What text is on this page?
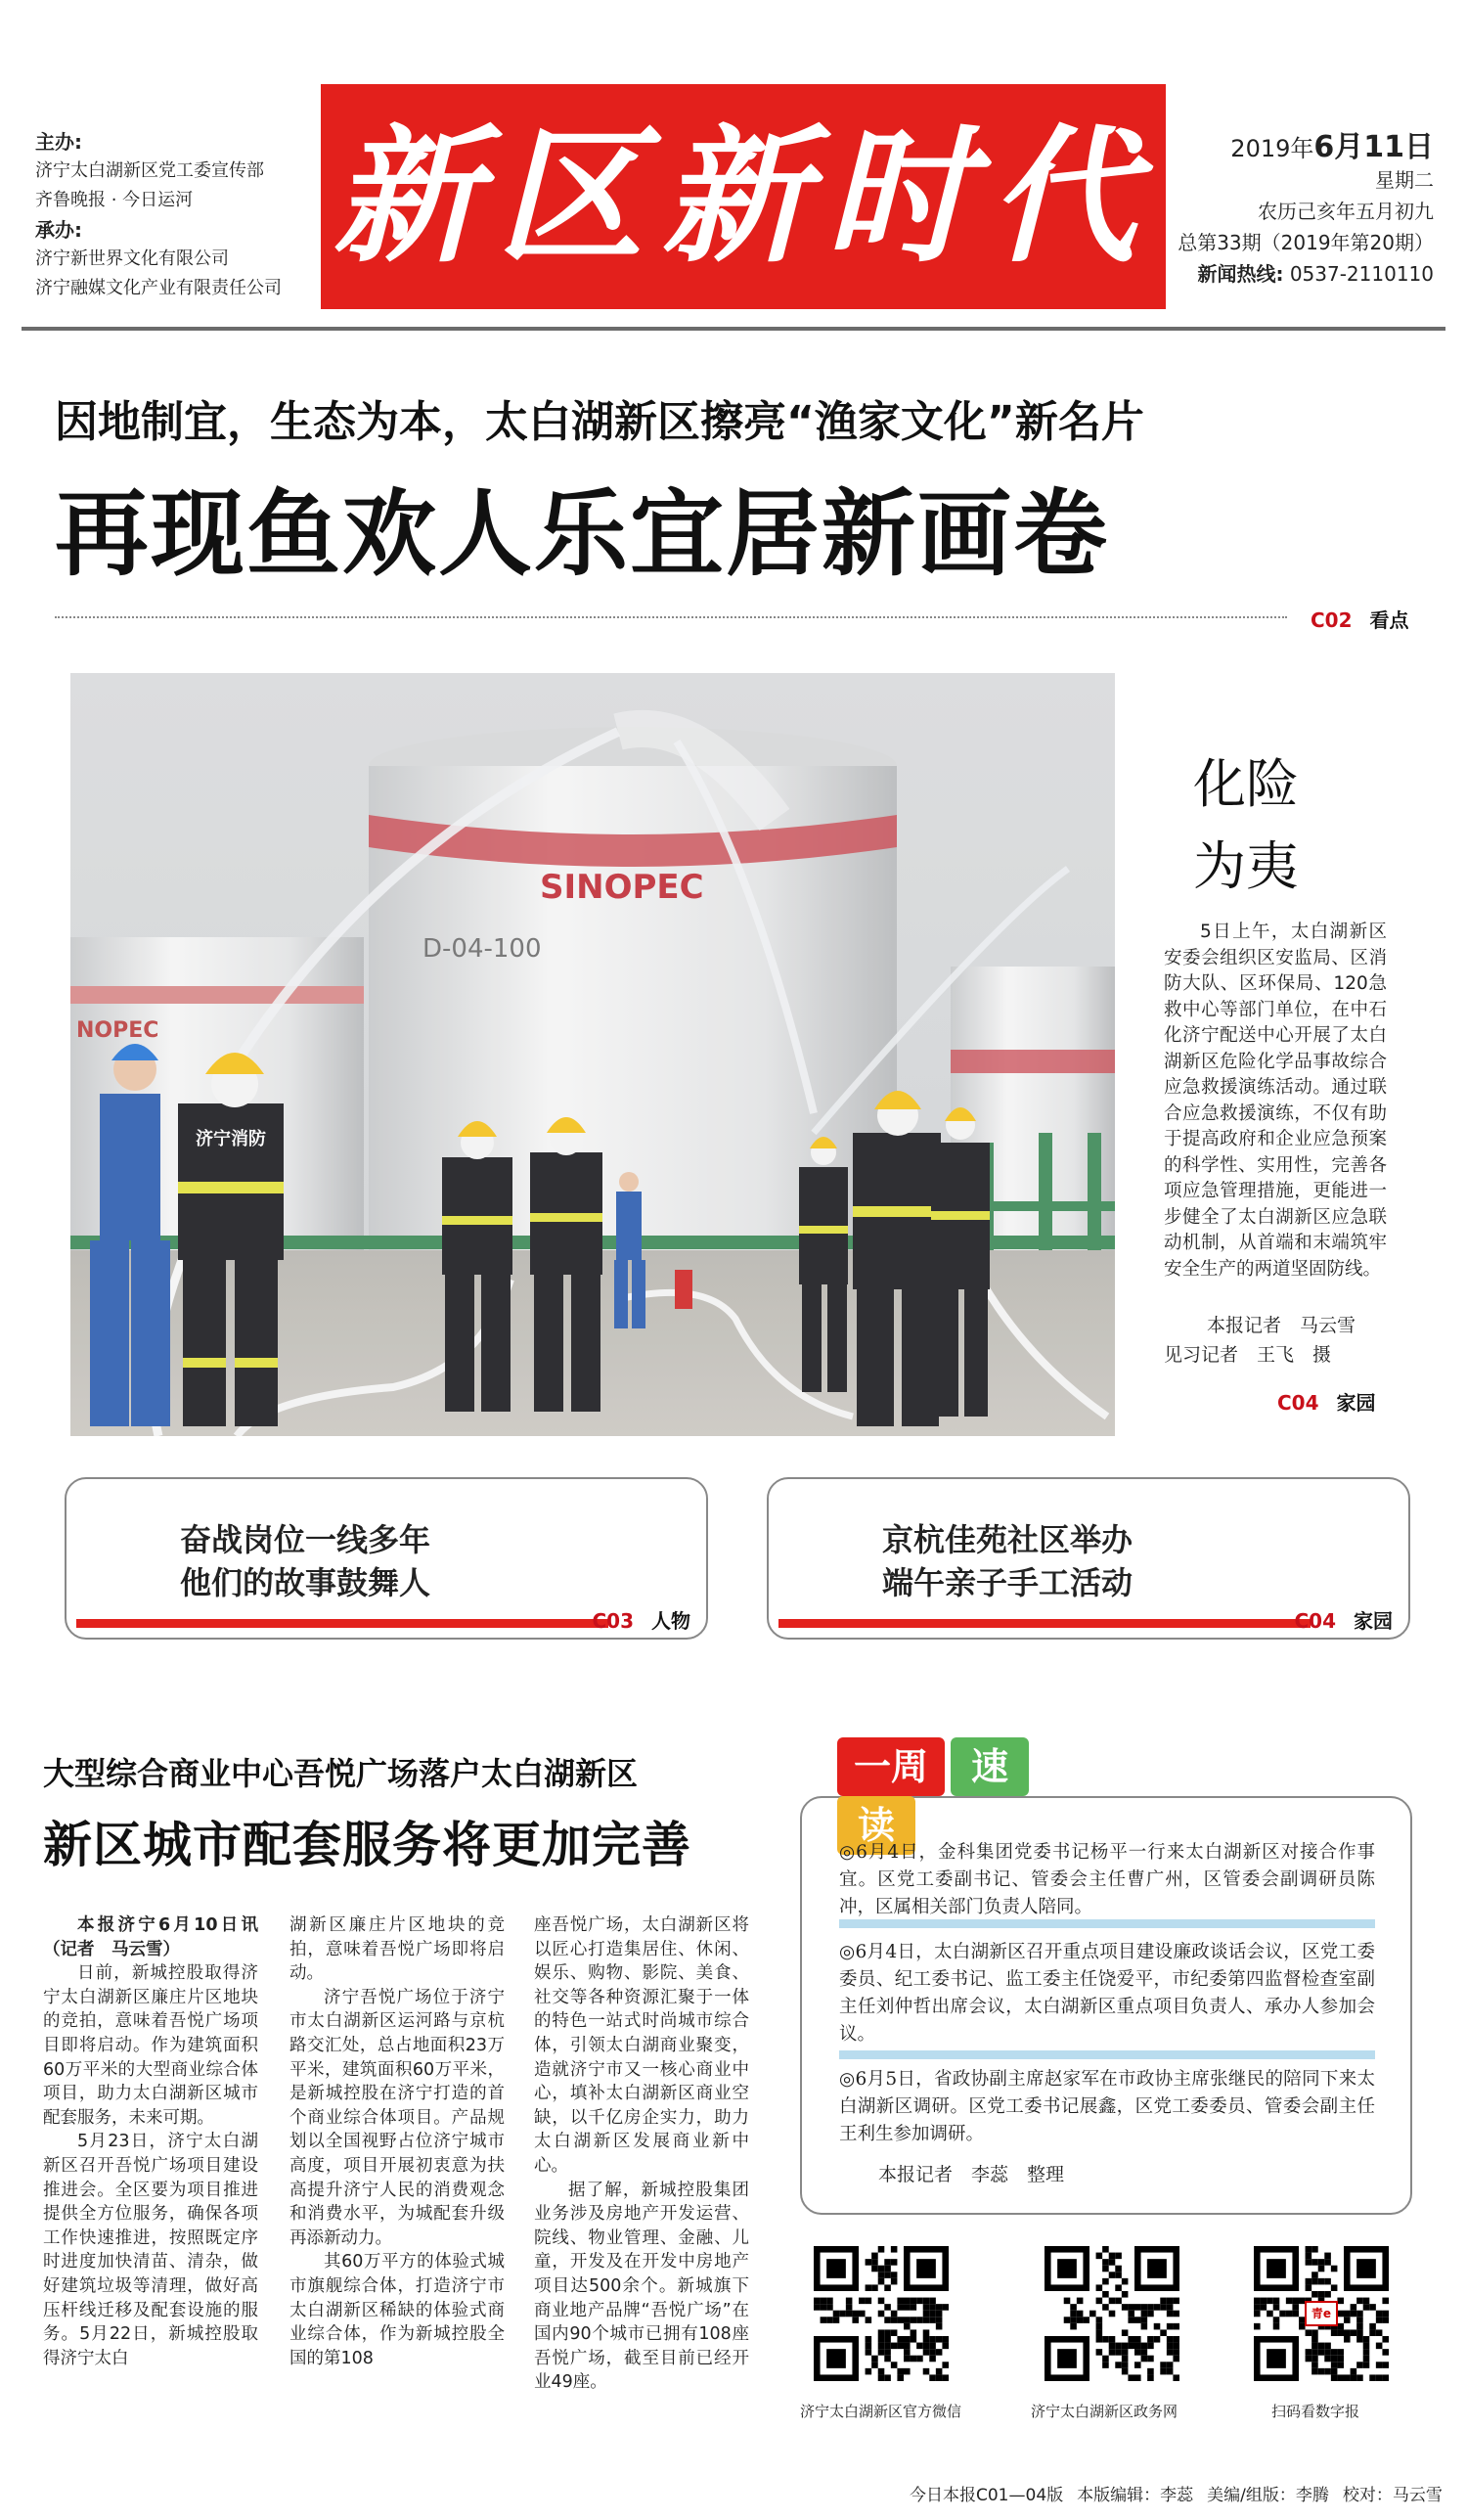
主办:
济宁太白湖新区党工委宣传部
齐鲁晚报 · 今日运河
承办:
济宁新世界文化有限公司
济宁融媒文化产业有限责任公司
新区新时代	2019年6月11日
星期二
农历己亥年五月初九
总第33期（2019年第20期）
新闻热线: 0537-2110110
因地制宜，生态为本，太白湖新区擦亮“渔家文化”新名片
再现鱼欢人乐宜居新画卷
C02 看点
NOPEC
SINOPEC
D-04-100
济宁消防
化险
为夷

5日上午，太白湖新区安委会组织区安监局、区消防大队、区环保局、120急救中心等部门单位，在中石化济宁配送中心开展了太白湖新区危险化学品事故综合应急救援演练活动。通过联合应急救援演练，不仅有助于提高政府和企业应急预案的科学性、实用性，完善各项应急管理措施，更能进一步健全了太白湖新区应急联动机制，从首端和末端筑牢安全生产的两道坚固防线。

本报记者　马云雪
见习记者　王飞　摄
C04 家园
奋战岗位一线多年
他们的故事鼓舞人
C03 人物
京杭佳苑社区举办
端午亲子手工活动
C04 家园
大型综合商业中心吾悦广场落户太白湖新区
新区城市配套服务将更加完善

本报济宁6月10日讯（记者　马云雪）

日前，新城控股取得济宁太白湖新区廉庄片区地块的竞拍，意味着吾悦广场项目即将启动。作为建筑面积60万平米的大型商业综合体项目，助力太白湖新区城市配套服务，未来可期。

5月23日，济宁太白湖新区召开吾悦广场项目建设推进会。全区要为项目推进提供全方位服务，确保各项工作快速推进，按照既定序时进度加快清苗、清杂，做好建筑垃圾等清理，做好高压杆线迁移及配套设施的服务。5月22日，新城控股取得济宁太白

湖新区廉庄片区地块的竞拍，意味着吾悦广场即将启动。

济宁吾悦广场位于济宁市太白湖新区运河路与京杭路交汇处，总占地面积23万平米，建筑面积60万平米，是新城控股在济宁打造的首个商业综合体项目。产品规划以全国视野占位济宁城市高度，项目开展初衷意为扶高提升济宁人民的消费观念和消费水平，为城配套升级再添新动力。

其60万平方的体验式城市旗舰综合体，打造济宁市太白湖新区稀缺的体验式商业综合体，作为新城控股全国的第108

座吾悦广场，太白湖新区将以匠心打造集居住、休闲、娱乐、购物、影院、美食、社交等各种资源汇聚于一体的特色一站式时尚城市综合体，引领太白湖商业聚变，造就济宁市又一核心商业中心，填补太白湖新区商业空缺，以千亿房企实力，助力太白湖新区发展商业新中心。

据了解，新城控股集团业务涉及房地产开发运营、院线、物业管理、金融、儿童，开发及在开发中房地产项目达500余个。新城旗下商业地产品牌“吾悦广场”在国内90个城市已拥有108座吾悦广场，截至目前已经开业49座。

一周 速读
◎6月4日，金科集团党委书记杨平一行来太白湖新区对接合作事宜。区党工委副书记、管委会主任曹广州，区管委会副调研员陈冲，区属相关部门负责人陪同。
◎6月4日，太白湖新区召开重点项目建设廉政谈话会议，区党工委委员、纪工委书记、监工委主任饶爱平，市纪委第四监督检查室副主任刘仲哲出席会议，太白湖新区重点项目负责人、承办人参加会议。
◎6月5日，省政协副主席赵家军在市政协主席张继民的陪同下来太白湖新区调研。区党工委书记展鑫，区党工委委员、管委会副主任王利生参加调研。
本报记者　李蕊　整理
济宁太白湖新区官方微信	济宁太白湖新区政务网
青e
扫码看数字报
今日本报C01—04版 本版编辑：李蕊 美编/组版：李腾 校对：马云雪
